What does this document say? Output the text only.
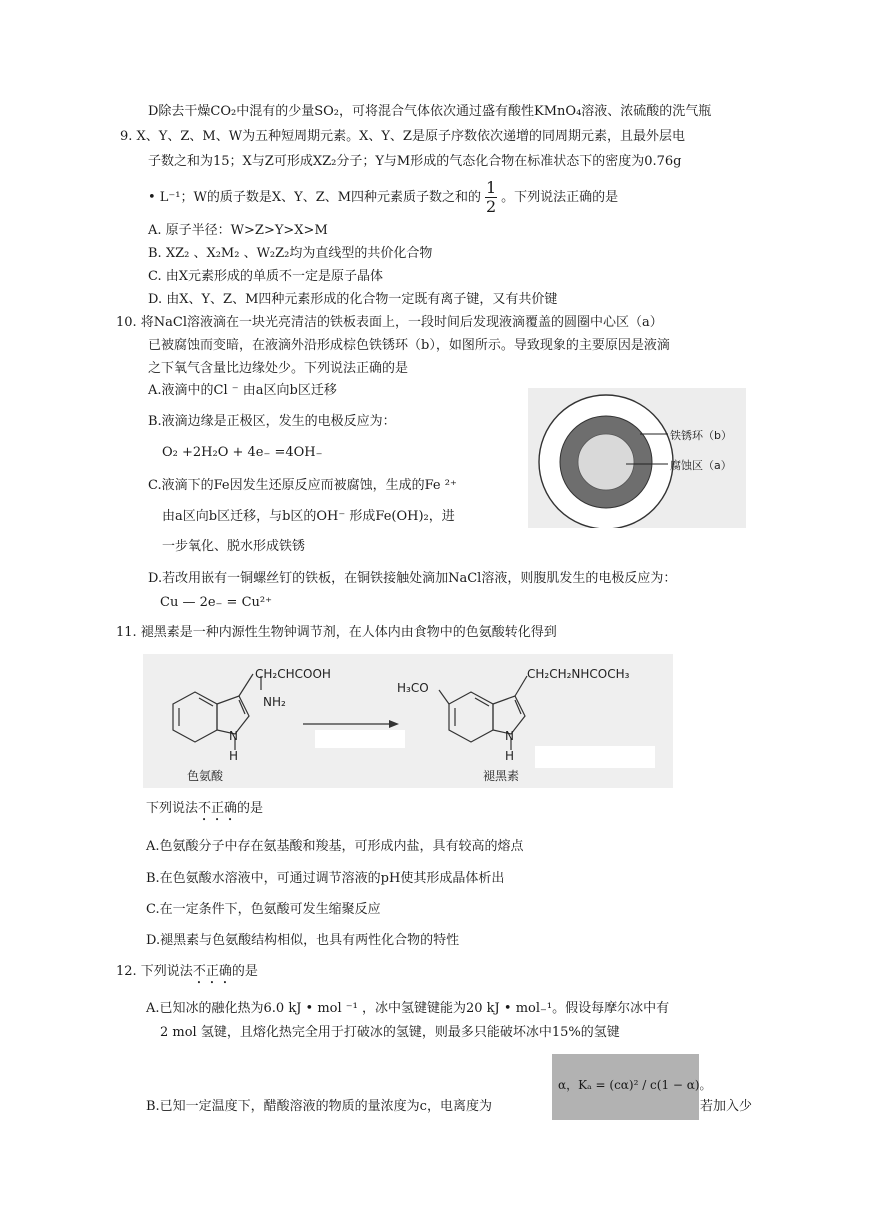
D除去干燥CO₂中混有的少量SO₂，可将混合气体依次通过盛有酸性KMnO₄溶液、浓硫酸的洗气瓶
9. X、Y、Z、M、W为五种短周期元素。X、Y、Z是原子序数依次递增的同周期元素，且最外层电
子数之和为15；X与Z可形成XZ₂分子；Y与M形成的气态化合物在标准状态下的密度为0.76g
• L⁻¹；W的质子数是X、Y、Z、M四种元素质子数之和的 $\frac{1}{2}$ 。下列说法正确的是
A. 原子半径：W>Z>Y>X>M
B. XZ₂ 、X₂M₂ 、W₂Z₂均为直线型的共价化合物
C. 由X元素形成的单质不一定是原子晶体
D. 由X、Y、Z、M四种元素形成的化合物一定既有离子键，又有共价键
10. 将NaCl溶液滴在一块光亮清洁的铁板表面上，一段时间后发现液滴覆盖的圆圈中心区（a）
已被腐蚀而变暗，在液滴外沿形成棕色铁锈环（b），如图所示。导致现象的主要原因是液滴
之下氧气含量比边缘处少。下列说法正确的是
A.液滴中的Cl ⁻ 由a区向b区迁移
B.液滴边缘是正极区，发生的电极反应为：
O₂ +2H₂O + 4e₋ =4OH₋
C.液滴下的Fe因发生还原反应而被腐蚀，生成的Fe ²⁺
由a区向b区迁移，与b区的OH⁻ 形成Fe(OH)₂，进
一步氧化、脱水形成铁锈
铁锈环（b）
腐蚀区（a）
D.若改用嵌有一铜螺丝钉的铁板，在铜铁接触处滴加NaCl溶液，则腹肌发生的电极反应为：
Cu — 2e₋ = Cu²⁺
11. 褪黑素是一种内源性生物钟调节剂，在人体内由食物中的色氨酸转化得到
CH₂CHCOOH
NH₂
N
H
色氨酸
H₃CO
CH₂CH₂NHCOCH₃
N
H
褪黑素
下列说法不正确的是
A.色氨酸分子中存在氨基酸和羧基，可形成内盐，具有较高的熔点
B.在色氨酸水溶液中，可通过调节溶液的pH使其形成晶体析出
C.在一定条件下，色氨酸可发生缩聚反应
D.褪黑素与色氨酸结构相似，也具有两性化合物的特性
12. 下列说法不正确的是
A.已知冰的融化热为6.0 kJ • mol ⁻¹ ，冰中氢键键能为20 kJ • mol₋¹。假设每摩尔冰中有
2 mol 氢键，且熔化热完全用于打破冰的氢键，则最多只能破坏冰中15%的氢键
α，Kₐ = (cα)² / c(1 − α)。
B.已知一定温度下，醋酸溶液的物质的量浓度为c，电离度为	若加入少
